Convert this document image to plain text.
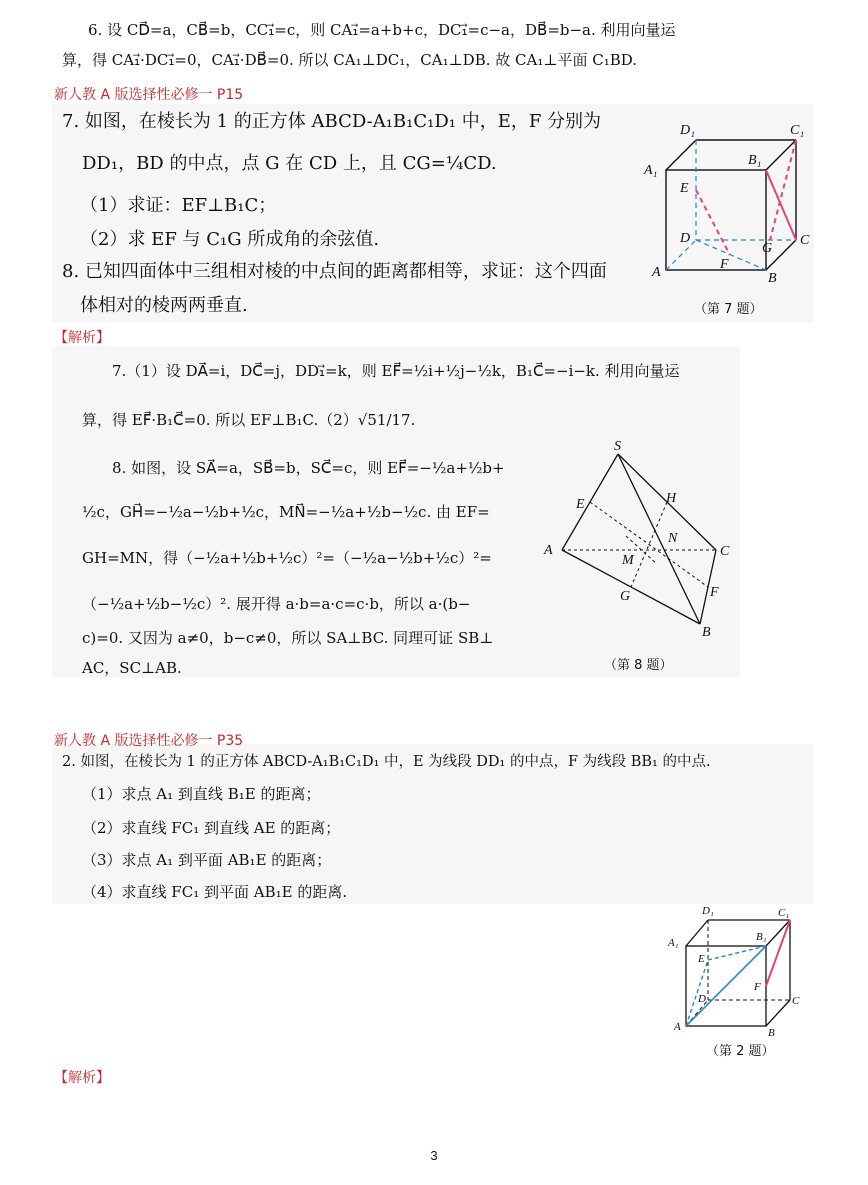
6. 设 CD⃗=a，CB⃗=b，CC₁⃗=c，则 CA₁⃗=a+b+c，DC₁⃗=c−a，DB⃗=b−a. 利用向量运
算，得 CA₁⃗·DC₁⃗=0，CA₁⃗·DB⃗=0. 所以 CA₁⊥DC₁，CA₁⊥DB. 故 CA₁⊥平面 C₁BD.
新人教 A 版选择性必修一 P15
7. 如图，在棱长为 1 的正方体 ABCD-A₁B₁C₁D₁ 中，E，F 分别为
DD₁，BD 的中点，点 G 在 CD 上，且 CG=¼CD.
（1）求证：EF⊥B₁C；
（2）求 EF 与 C₁G 所成角的余弦值.
8. 已知四面体中三组相对棱的中点间的距离都相等，求证：这个四面
体相对的棱两两垂直.
D₁	C₁
A₁
B₁
E
D
G
C
A
F
B
（第 7 题）
【解析】
7.（1）设 DA⃗=i，DC⃗=j，DD₁⃗=k，则 EF⃗=½i+½j−½k，B₁C⃗=−i−k. 利用向量运
算，得 EF⃗·B₁C⃗=0. 所以 EF⊥B₁C.（2）√51/17.
8. 如图，设 SA⃗=a，SB⃗=b，SC⃗=c，则 EF⃗=−½a+½b+
½c，GH⃗=−½a−½b+½c，MN⃗=−½a+½b−½c. 由 EF=
GH=MN，得（−½a+½b+½c）²=（−½a−½b+½c）²=
（−½a+½b−½c）². 展开得 a·b=a·c=c·b，所以 a·(b−
c)=0. 又因为 a≠0，b−c≠0，所以 SA⊥BC. 同理可证 SB⊥
AC，SC⊥AB.
S
H
E
A
N
M
C
F
G
B
（第 8 题）
新人教 A 版选择性必修一 P35
2. 如图，在棱长为 1 的正方体 ABCD-A₁B₁C₁D₁ 中，E 为线段 DD₁ 的中点，F 为线段 BB₁ 的中点.
（1）求点 A₁ 到直线 B₁E 的距离；
（2）求直线 FC₁ 到直线 AE 的距离；
（3）求点 A₁ 到平面 AB₁E 的距离；
（4）求直线 FC₁ 到平面 AB₁E 的距离.
D₁	C₁
A₁	B₁
E
D
F
C
A	B
（第 2 题）
【解析】
3
